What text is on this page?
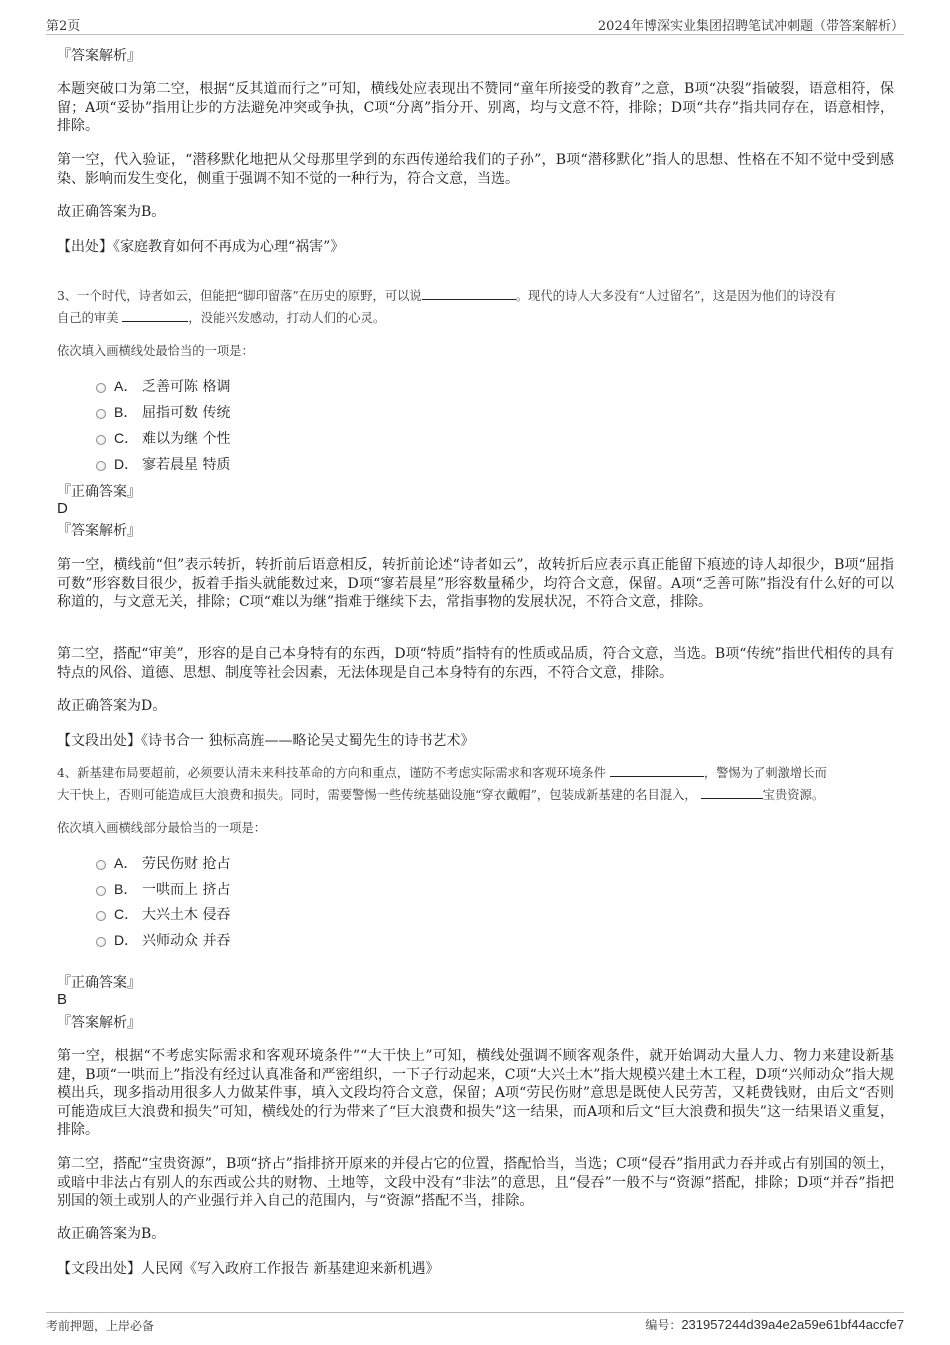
第2页	2024年博深实业集团招聘笔试冲刺题（带答案解析）
『答案解析』

本题突破口为第二空，根据“反其道而行之”可知，横线处应表现出不赞同“童年所接受的教育”之意，B项“决裂”指破裂，语意相符，保留；A项“妥协”指用让步的方法避免冲突或争执，C项“分离”指分开、别离，均与文意不符，排除；D项“共存”指共同存在，语意相悖，排除。

第一空，代入验证，“潜移默化地把从父母那里学到的东西传递给我们的子孙”，B项“潜移默化”指人的思想、性格在不知不觉中受到感染、影响而发生变化，侧重于强调不知不觉的一种行为，符合文意，当选。

故正确答案为B。
【出处】《家庭教育如何不再成为心理“祸害”》
3、一个时代，诗者如云，但能把“脚印留落”在历史的原野，可以说	。现代的诗人大多没有“人过留名”，这是因为他们的诗没有
自己的审美	，没能兴发感动，打动人们的心灵。
依次填入画横线处最恰当的一项是：
A． 乏善可陈 格调
B． 屈指可数 传统
C． 难以为继 个性
D． 寥若晨星 特质
『正确答案』
D
『答案解析』

第一空，横线前“但”表示转折，转折前后语意相反，转折前论述“诗者如云”，故转折后应表示真正能留下痕迹的诗人却很少，B项“屈指可数”形容数目很少，扳着手指头就能数过来，D项“寥若晨星”形容数量稀少，均符合文意，保留。A项“乏善可陈”指没有什么好的可以称道的，与文意无关，排除；C项“难以为继”指难于继续下去，常指事物的发展状况，不符合文意，排除。

第二空，搭配“审美”，形容的是自己本身特有的东西，D项“特质”指特有的性质或品质，符合文意，当选。B项“传统”指世代相传的具有特点的风俗、道德、思想、制度等社会因素，无法体现是自己本身特有的东西，不符合文意，排除。

故正确答案为D。
【文段出处】《诗书合一 独标高旌——略论吴丈蜀先生的诗书艺术》
4、新基建布局要超前，必须要认清未来科技革命的方向和重点，谨防不考虑实际需求和客观环境条件	，警惕为了刺激增长而
大干快上，否则可能造成巨大浪费和损失。同时，需要警惕一些传统基础设施“穿衣戴帽”，包装成新基建的名目混入，	宝贵资源。
依次填入画横线部分最恰当的一项是：
A． 劳民伤财 抢占
B． 一哄而上 挤占
C． 大兴土木 侵吞
D． 兴师动众 并吞
『正确答案』
B
『答案解析』

第一空，根据“不考虑实际需求和客观环境条件”“大干快上”可知，横线处强调不顾客观条件，就开始调动大量人力、物力来建设新基建，B项“一哄而上”指没有经过认真准备和严密组织，一下子行动起来，C项“大兴土木”指大规模兴建土木工程，D项“兴师动众”指大规模出兵，现多指动用很多人力做某件事，填入文段均符合文意，保留；A项“劳民伤财”意思是既使人民劳苦，又耗费钱财，由后文“否则可能造成巨大浪费和损失”可知，横线处的行为带来了“巨大浪费和损失”这一结果，而A项和后文“巨大浪费和损失”这一结果语义重复，排除。

第二空，搭配“宝贵资源”，B项“挤占”指排挤开原来的并侵占它的位置，搭配恰当，当选；C项“侵吞”指用武力吞并或占有别国的领土，或暗中非法占有别人的东西或公共的财物、土地等，文段中没有“非法”的意思，且“侵吞”一般不与“资源”搭配，排除；D项“并吞”指把别国的领土或别人的产业强行并入自己的范围内，与“资源”搭配不当，排除。

故正确答案为B。
【文段出处】人民网《写入政府工作报告 新基建迎来新机遇》
考前押题，上岸必备	编号：231957244d39a4e2a59e61bf44accfe7
